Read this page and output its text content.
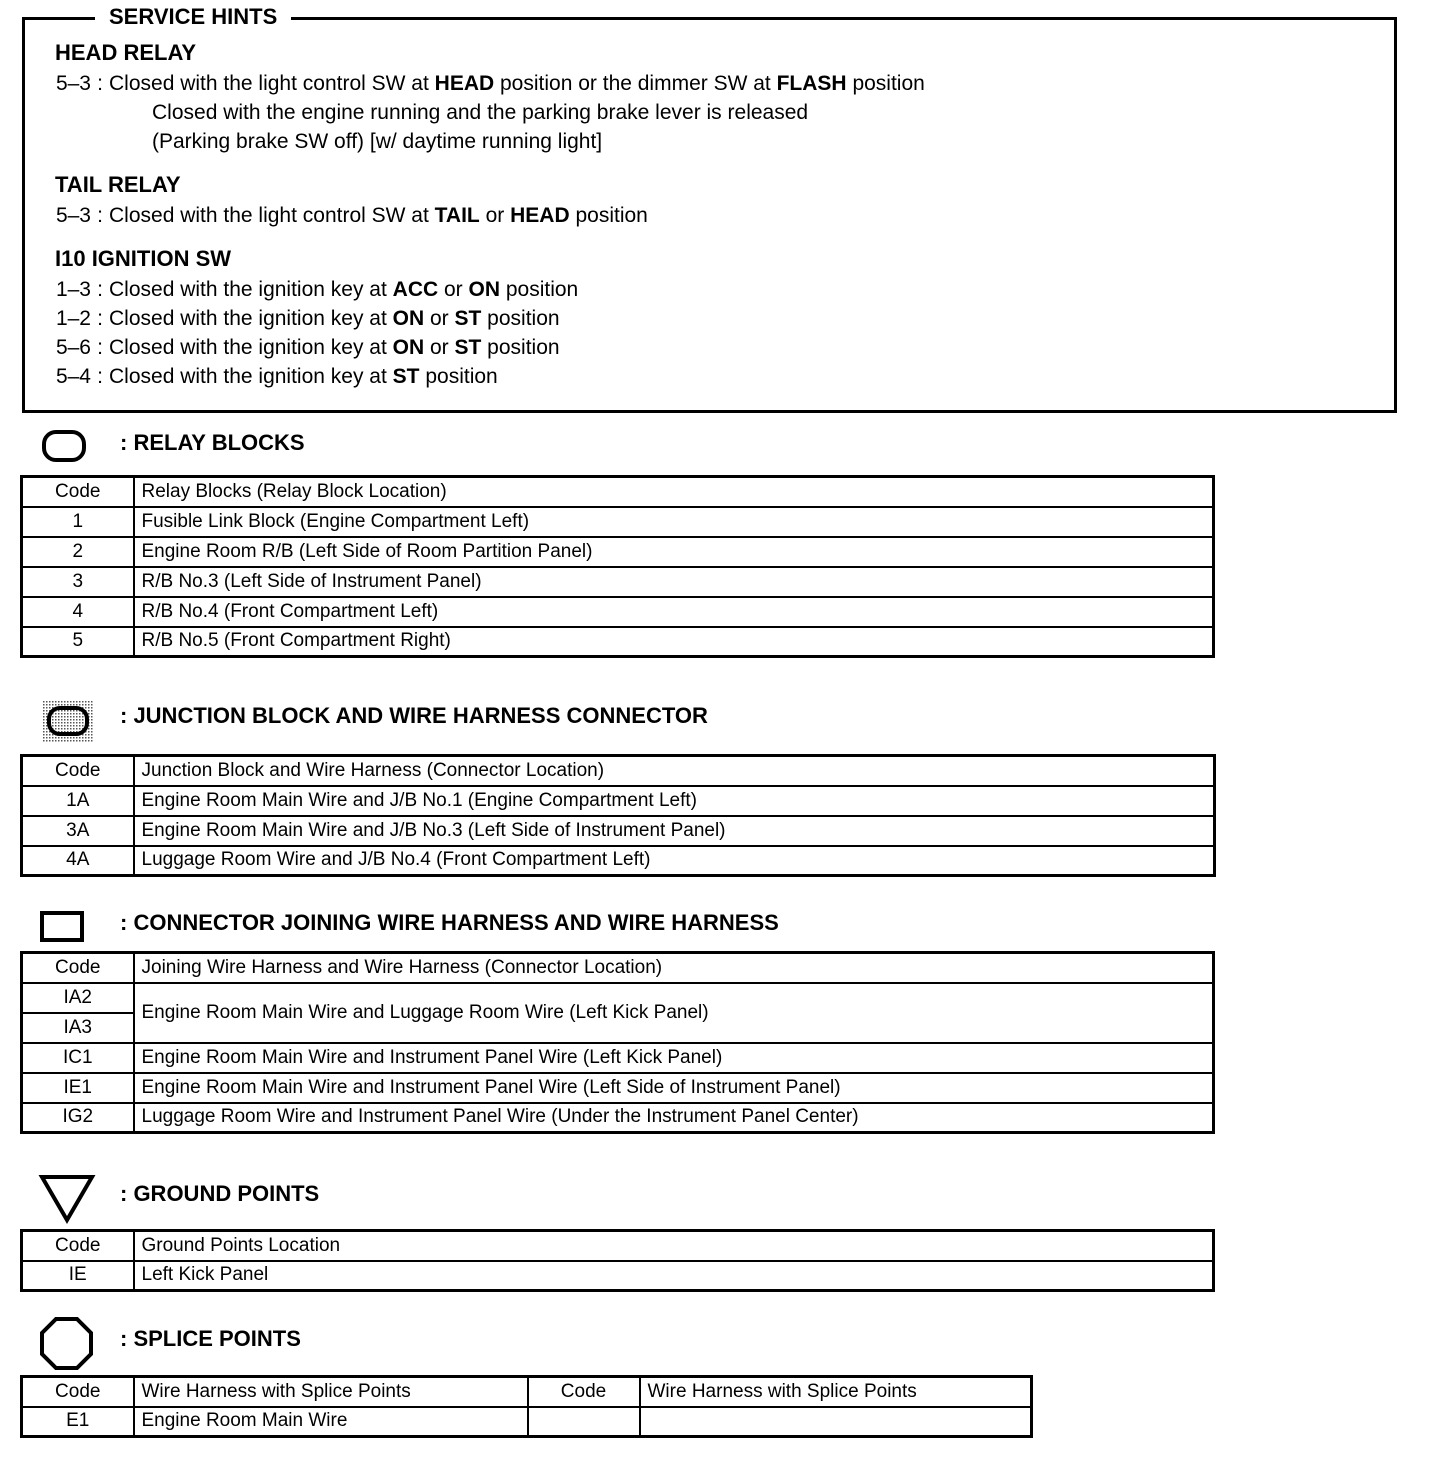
SERVICE HINTS
HEAD RELAY
5–3 : Closed with the light control SW at HEAD position or the dimmer SW at FLASH position
Closed with the engine running and the parking brake lever is released
(Parking brake SW off) [w/ daytime running light]
TAIL RELAY
5–3 : Closed with the light control SW at TAIL or HEAD position
I10 IGNITION SW
1–3 : Closed with the ignition key at ACC or ON position
1–2 : Closed with the ignition key at ON or ST position
5–6 : Closed with the ignition key at ON or ST position
5–4 : Closed with the ignition key at ST position
: RELAY BLOCKS
Code	Relay Blocks (Relay Block Location)
1	Fusible Link Block (Engine Compartment Left)
2	Engine Room R/B (Left Side of Room Partition Panel)
3	R/B No.3 (Left Side of Instrument Panel)
4	R/B No.4 (Front Compartment Left)
5	R/B No.5 (Front Compartment Right)
: JUNCTION BLOCK AND WIRE HARNESS CONNECTOR
Code	Junction Block and Wire Harness (Connector Location)
1A	Engine Room Main Wire and J/B No.1 (Engine Compartment Left)
3A	Engine Room Main Wire and J/B No.3 (Left Side of Instrument Panel)
4A	Luggage Room Wire and J/B No.4 (Front Compartment Left)
: CONNECTOR JOINING WIRE HARNESS AND WIRE HARNESS
Code	Joining Wire Harness and Wire Harness (Connector Location)
IA2	Engine Room Main Wire and Luggage Room Wire (Left Kick Panel)
IA3	
IC1	Engine Room Main Wire and Instrument Panel Wire (Left Kick Panel)
IE1	Engine Room Main Wire and Instrument Panel Wire (Left Side of Instrument Panel)
IG2	Luggage Room Wire and Instrument Panel Wire (Under the Instrument Panel Center)
: GROUND POINTS
Code	Ground Points Location
IE	Left Kick Panel
: SPLICE POINTS
Code	Wire Harness with Splice Points	Code	Wire Harness with Splice Points
E1	Engine Room Main Wire		
